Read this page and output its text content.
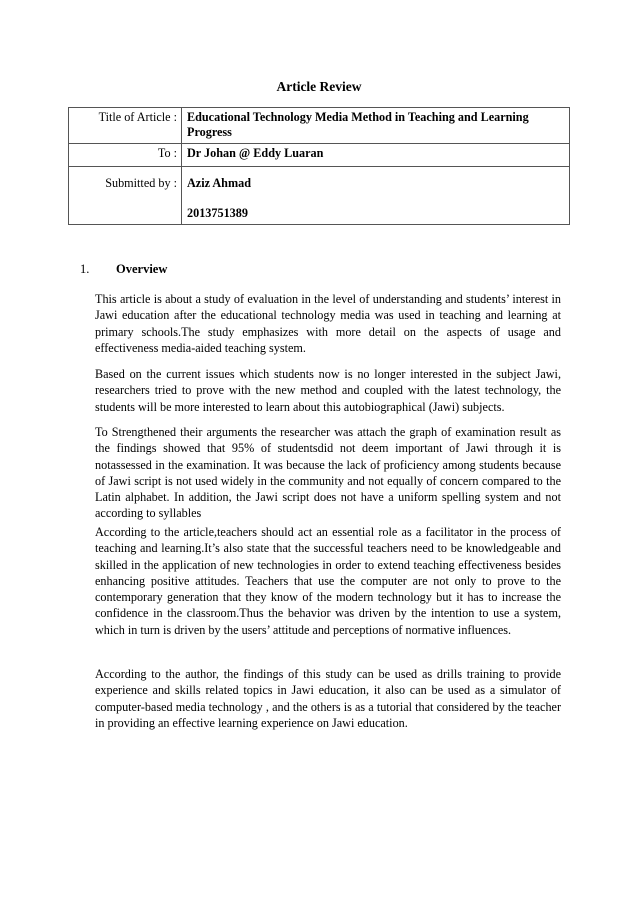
Article Review
Title of Article :	Educational Technology Media Method in Teaching and Learning
Progress
To :	Dr Johan @ Eddy Luaran
Submitted by :	Aziz Ahmad
2013751389
1. Overview

This article is about a study of evaluation in the level of understanding and students’ interest in Jawi education after the educational technology media was used in teaching and learning at primary schools.The study emphasizes with more detail on the aspects of usage and effectiveness media-aided teaching system.

Based on the current issues which students now is no longer interested in the subject Jawi, researchers tried to prove with the new method and coupled with the latest technology, the students will be more interested to learn about this autobiographical (Jawi) subjects.

To Strengthened their arguments the researcher was attach the graph of examination result as the findings showed that 95% of studentsdid not deem important of Jawi through it is notassessed in the examination. It was because the lack of proficiency among students because of Jawi script is not used widely in the community and not equally of concern compared to the Latin alphabet. In addition, the Jawi script does not have a uniform spelling system and not according to syllables

According to the article,teachers should act an essential role as a facilitator in the process of teaching and learning.It’s also state that the successful teachers need to be knowledgeable and skilled in the application of new technologies in order to extend teaching effectiveness besides enhancing positive attitudes. Teachers that use the computer are not only to prove to the contemporary generation that they know of the modern technology but it has to increase the confidence in the classroom.Thus the behavior was driven by the intention to use a system, which in turn is driven by the users’ attitude and perceptions of normative influences.

According to the author, the findings of this study can be used as drills training to provide experience and skills related topics in Jawi education, it also can be used as a simulator of computer-based media technology , and the others is as a tutorial that considered by the teacher in providing an effective learning experience on Jawi education.
